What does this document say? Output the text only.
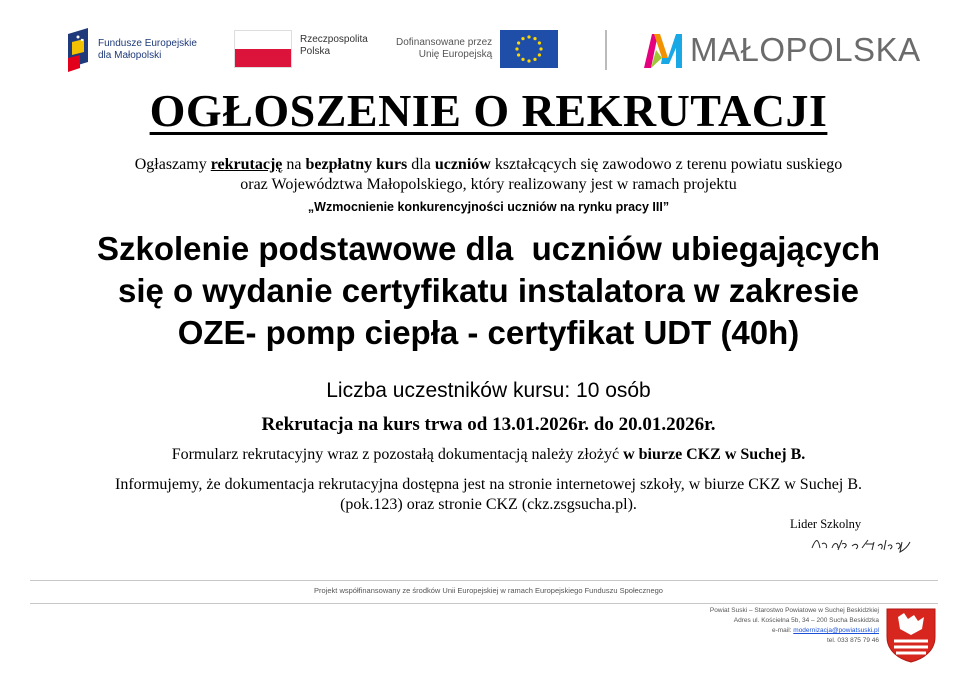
Fundusze Europejskie
dla Małopolski
Rzeczpospolita
Polska
Dofinansowane przez
Unię Europejską	MAŁOPOLSKA
OGŁOSZENIE O REKRUTACJI
Ogłaszamy rekrutację na bezpłatny kurs dla uczniów kształcących się zawodowo z terenu powiatu suskiego
oraz Województwa Małopolskiego, który realizowany jest w ramach projektu
„Wzmocnienie konkurencyjności uczniów na rynku pracy III”
Szkolenie podstawowe dla  uczniów ubiegających
się o wydanie certyfikatu instalatora w zakresie
OZE- pomp ciepła - certyfikat UDT (40h)
Liczba uczestników kursu: 10 osób
Rekrutacja na kurs trwa od 13.01.2026r. do 20.01.2026r.
Formularz rekrutacyjny wraz z pozostałą dokumentacją należy złożyć w biurze CKZ w Suchej B.
Informujemy, że dokumentacja rekrutacyjna dostępna jest na stronie internetowej szkoły, w biurze CKZ w Suchej B.
(pok.123) oraz stronie CKZ (ckz.zsgsucha.pl).
Lider Szkolny
Projekt współfinansowany ze środków Unii Europejskiej w ramach Europejskiego Funduszu Społecznego
Powiat Suski – Starostwo Powiatowe w Suchej Beskidzkiej
Adres ul. Kościelna 5b, 34 – 200 Sucha Beskidzka
e-mail: modernizacja@powiatsuski.pl
tel. 033 875 79 46
